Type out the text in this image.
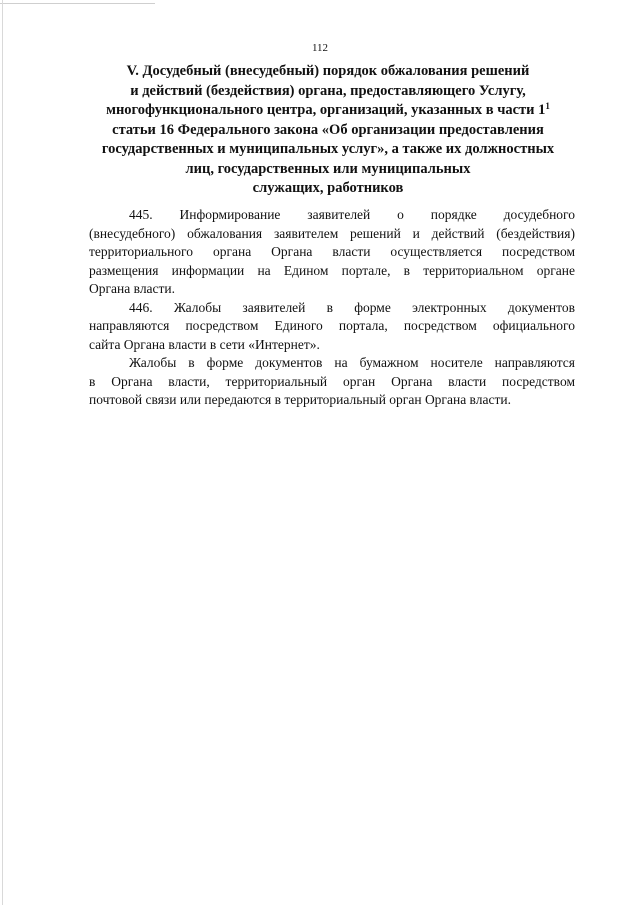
112
V. Досудебный (внесудебный) порядок обжалования решений
и действий (бездействия) органа, предоставляющего Услугу,
многофункционального центра, организаций, указанных в части $1^1$
статьи 16 Федерального закона «Об организации предоставления
государственных и муниципальных услуг», а также их должностных
лиц, государственных или муниципальных
служащих, работников
445. Информирование заявителей о порядке досудебного
(внесудебного) обжалования заявителем решений и действий (бездействия)
территориального органа Органа власти осуществляется посредством
размещения информации на Едином портале, в территориальном органе
Органа власти.
446. Жалобы заявителей в форме электронных документов
направляются посредством Единого портала, посредством официального
сайта Органа власти в сети «Интернет».
Жалобы в форме документов на бумажном носителе направляются
в Органа власти, территориальный орган Органа власти посредством
почтовой связи или передаются в территориальный орган Органа власти.
